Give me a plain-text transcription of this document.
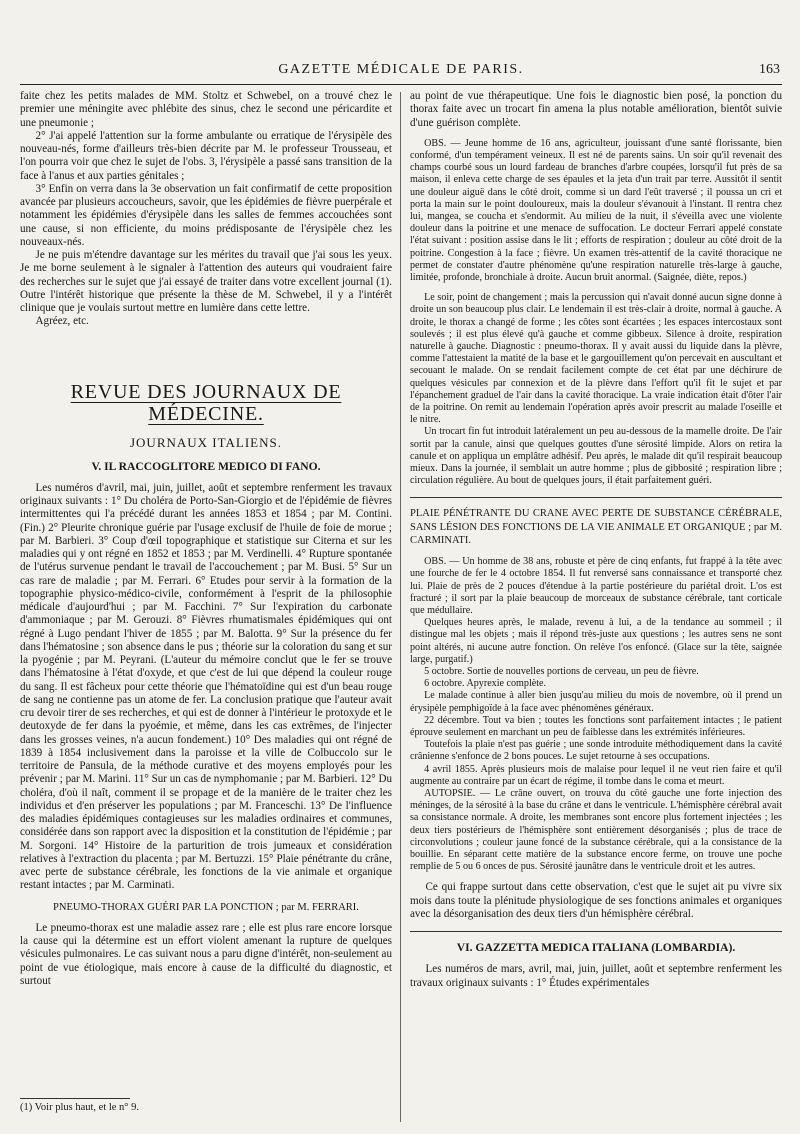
GAZETTE MÉDICALE DE PARIS.	163

faite chez les petits malades de MM. Stoltz et Schwebel, on a trouvé chez le premier une méningite avec phlébite des sinus, chez le second une péricardite et une pneumonie ;

2° J'ai appelé l'attention sur la forme ambulante ou erratique de l'érysipèle des nouveau-nés, forme d'ailleurs très-bien décrite par M. le professeur Trousseau, et l'on pourra voir que chez le sujet de l'obs. 3, l'érysipèle a passé sans transition de la face à l'anus et aux parties génitales ;

3° Enfin on verra dans la 3e observation un fait confirmatif de cette proposition avancée par plusieurs accoucheurs, savoir, que les épidémies de fièvre puerpérale et notamment les épidémies d'érysipèle dans les salles de femmes accouchées sont une cause, si non efficiente, du moins prédisposante de l'érysipèle chez les nouveaux-nés.

Je ne puis m'étendre davantage sur les mérites du travail que j'ai sous les yeux. Je me borne seulement à le signaler à l'attention des auteurs qui voudraient faire des recherches sur le sujet que j'ai essayé de traiter dans votre excellent journal (1). Outre l'intérêt historique que présente la thèse de M. Schwebel, il y a l'intérêt clinique que je voulais surtout mettre en lumière dans cette lettre.

Agréez, etc.

REVUE DES JOURNAUX DE MÉDECINE.
JOURNAUX ITALIENS.
V. IL RACCOGLITORE MEDICO DI FANO.

Les numéros d'avril, mai, juin, juillet, août et septembre renferment les travaux originaux suivants : 1° Du choléra de Porto-San-Giorgio et de l'épidémie de fièvres intermittentes qui l'a précédé durant les années 1853 et 1854 ; par M. Contini. (Fin.) 2° Pleurite chronique guérie par l'usage exclusif de l'huile de foie de morue ; par M. Barbieri. 3° Coup d'œil topographique et statistique sur Citerna et sur les maladies qui y ont régné en 1852 et 1853 ; par M. Verdinelli. 4° Rupture spontanée de l'utérus survenue pendant le travail de l'accouchement ; par M. Busi. 5° Sur un cas rare de maladie ; par M. Ferrari. 6° Etudes pour servir à la formation de la topographie physico-médico-civile, conformément à l'esprit de la philosophie médicale d'aujourd'hui ; par M. Facchini. 7° Sur l'expiration du carbonate d'ammoniaque ; par M. Gerouzi. 8° Fièvres rhumatismales épidémiques qui ont régné à Lugo pendant l'hiver de 1855 ; par M. Balotta. 9° Sur la présence du fer dans l'hématosine ; son absence dans le pus ; théorie sur la coloration du sang et sur la pyogénie ; par M. Peyrani. (L'auteur du mémoire conclut que le fer se trouve dans l'hématosine à l'état d'oxyde, et que c'est de lui que dépend la couleur rouge du sang. Il est fâcheux pour cette théorie que l'hématoïdine qui est d'un beau rouge de sang ne contienne pas un atome de fer. La conclusion pratique que l'auteur avait cru devoir tirer de ses recherches, et qui est de donner à l'intérieur le protoxyde et le deutoxyde de fer dans la pyoémie, et même, dans les cas extrêmes, de l'injecter dans les grosses veines, n'a aucun fondement.) 10° Des maladies qui ont régné de 1839 à 1854 inclusivement dans la paroisse et la ville de Colbuccolo sur le territoire de Pansula, de la méthode curative et des moyens employés pour les prévenir ; par M. Marini. 11° Sur un cas de nymphomanie ; par M. Barbieri. 12° Du choléra, d'où il naît, comment il se propage et de la manière de le traiter chez les individus et d'en préserver les populations ; par M. Franceschi. 13° De l'influence des maladies épidémiques contagieuses sur les maladies ordinaires et communes, considérée dans son rapport avec la disposition et la constitution de l'épidémie ; par M. Sorgoni. 14° Histoire de la parturition de trois jumeaux et considération relatives à l'extraction du placenta ; par M. Bertuzzi. 15° Plaie pénétrante du crâne, avec perte de substance cérébrale, les fonctions de la vie animale et organique restant intactes ; par M. Carminati.

PNEUMO-THORAX GUÉRI PAR LA PONCTION ; par M. FERRARI.

Le pneumo-thorax est une maladie assez rare ; elle est plus rare encore lorsque la cause qui la détermine est un effort violent amenant la rupture de quelques vésicules pulmonaires. Le cas suivant nous a paru digne d'intérêt, non-seulement au point de vue étiologique, mais encore à cause de la difficulté du diagnostic, et surtout

(1) Voir plus haut, et le n° 9.

au point de vue thérapeutique. Une fois le diagnostic bien posé, la ponction du thorax faite avec un trocart fin amena la plus notable amélioration, bientôt suivie d'une guérison complète.

OBS. — Jeune homme de 16 ans, agriculteur, jouissant d'une santé florissante, bien conformé, d'un tempérament veineux. Il est né de parents sains. Un soir qu'il revenait des champs courbé sous un lourd fardeau de branches d'arbre coupées, lorsqu'il fut près de sa maison, il enleva cette charge de ses épaules et la jeta d'un trait par terre. Aussitôt il sentit une douleur aiguë dans le côté droit, comme si un dard l'eût traversé ; il poussa un cri et porta la main sur le point douloureux, mais la douleur s'évanouit à l'instant. Il rentra chez lui, mangea, se coucha et s'endormit. Au milieu de la nuit, il s'éveilla avec une violente douleur dans la poitrine et une menace de suffocation. Le docteur Ferrari appelé constate l'état suivant : position assise dans le lit ; efforts de respiration ; douleur au côté droit de la poitrine. Congestion à la face ; fièvre. Un examen très-attentif de la cavité thoracique ne permet de constater d'autre phénomène qu'une respiration naturelle très-large à gauche, limitée, profonde, bronchiale à droite. Aucun bruit anormal. (Saignée, diète, repos.)

Le soir, point de changement ; mais la percussion qui n'avait donné aucun signe donne à droite un son beaucoup plus clair. Le lendemain il est très-clair à droite, normal à gauche. A droite, le thorax a changé de forme ; les côtes sont écartées ; les espaces intercostaux sont soulevés ; il est plus élevé qu'à gauche et comme gibbeux. Silence à droite, respiration naturelle à gauche. Diagnostic : pneumo-thorax. Il y avait aussi du liquide dans la plèvre, comme l'attestaient la matité de la base et le gargouillement qu'on percevait en auscultant et secouant le malade. On se rendait facilement compte de cet état par une déchirure de quelques vésicules par connexion et de la plèvre dans l'effort qu'il fit le sujet et par l'épanchement graduel de l'air dans la cavité thoracique. La vraie indication était d'ôter l'air de la poitrine. On remit au lendemain l'opération après avoir prescrit au malade l'oseille et le nitre.

Un trocart fin fut introduit latéralement un peu au-dessous de la mamelle droite. De l'air sortit par la canule, ainsi que quelques gouttes d'une sérosité limpide. Alors on retira la canule et on appliqua un emplâtre adhésif. Peu après, le malade dit qu'il respirait beaucoup mieux. Dans la journée, il semblait un autre homme ; plus de gibbosité ; respiration libre ; circulation régulière. Au bout de quelques jours, il était parfaitement guéri.

PLAIE PÉNÉTRANTE DU CRANE AVEC PERTE DE SUBSTANCE CÉRÉBRALE, SANS LÉSION DES FONCTIONS DE LA VIE ANIMALE ET ORGANIQUE ; par M. CARMINATI.

OBS. — Un homme de 38 ans, robuste et père de cinq enfants, fut frappé à la tête avec une fourche de fer le 4 octobre 1854. Il fut renversé sans connaissance et transporté chez lui. Plaie de près de 2 pouces d'étendue à la partie postérieure du pariétal droit. L'os est fracturé ; il sort par la plaie beaucoup de morceaux de substance cérébrale, tant corticale que médullaire.

Quelques heures après, le malade, revenu à lui, a de la tendance au sommeil ; il distingue mal les objets ; mais il répond très-juste aux questions ; les autres sens ne sont point altérés, ni aucune autre fonction. On relève l'os enfoncé. (Glace sur la tête, saignée large, purgatif.)

5 octobre. Sortie de nouvelles portions de cerveau, un peu de fièvre.

6 octobre. Apyrexie complète.

Le malade continue à aller bien jusqu'au milieu du mois de novembre, où il prend un érysipèle pemphigoïde à la face avec phénomènes généraux.

22 décembre. Tout va bien ; toutes les fonctions sont parfaitement intactes ; le patient éprouve seulement en marchant un peu de faiblesse dans les extrémités inférieures.

Toutefois la plaie n'est pas guérie ; une sonde introduite méthodiquement dans la cavité crânienne s'enfonce de 2 bons pouces. Le sujet retourne à ses occupations.

4 avril 1855. Après plusieurs mois de malaise pour lequel il ne veut rien faire et qu'il augmente au contraire par un écart de régime, il tombe dans le coma et meurt.

AUTOPSIE. — Le crâne ouvert, on trouva du côté gauche une forte injection des méninges, de la sérosité à la base du crâne et dans le ventricule. L'hémisphère cérébral avait sa consistance normale. A droite, les membranes sont encore plus fortement injectées ; les deux tiers postérieurs de l'hémisphère sont entièrement désorganisés ; plus de trace de circonvolutions ; couleur jaune foncé de la substance cérébrale, qui a la consistance de la bouillie. En séparant cette matière de la substance encore ferme, on trouve une poche remplie de 5 ou 6 onces de pus. Sérosité jaunâtre dans le ventricule droit et les autres.

Ce qui frappe surtout dans cette observation, c'est que le sujet ait pu vivre six mois dans toute la plénitude physiologique de ses fonctions animales et organiques avec la désorganisation des deux tiers d'un hémisphère cérébral.

VI. GAZZETTA MEDICA ITALIANA (LOMBARDIA).

Les numéros de mars, avril, mai, juin, juillet, août et septembre renferment les travaux originaux suivants : 1° Études expérimentales
